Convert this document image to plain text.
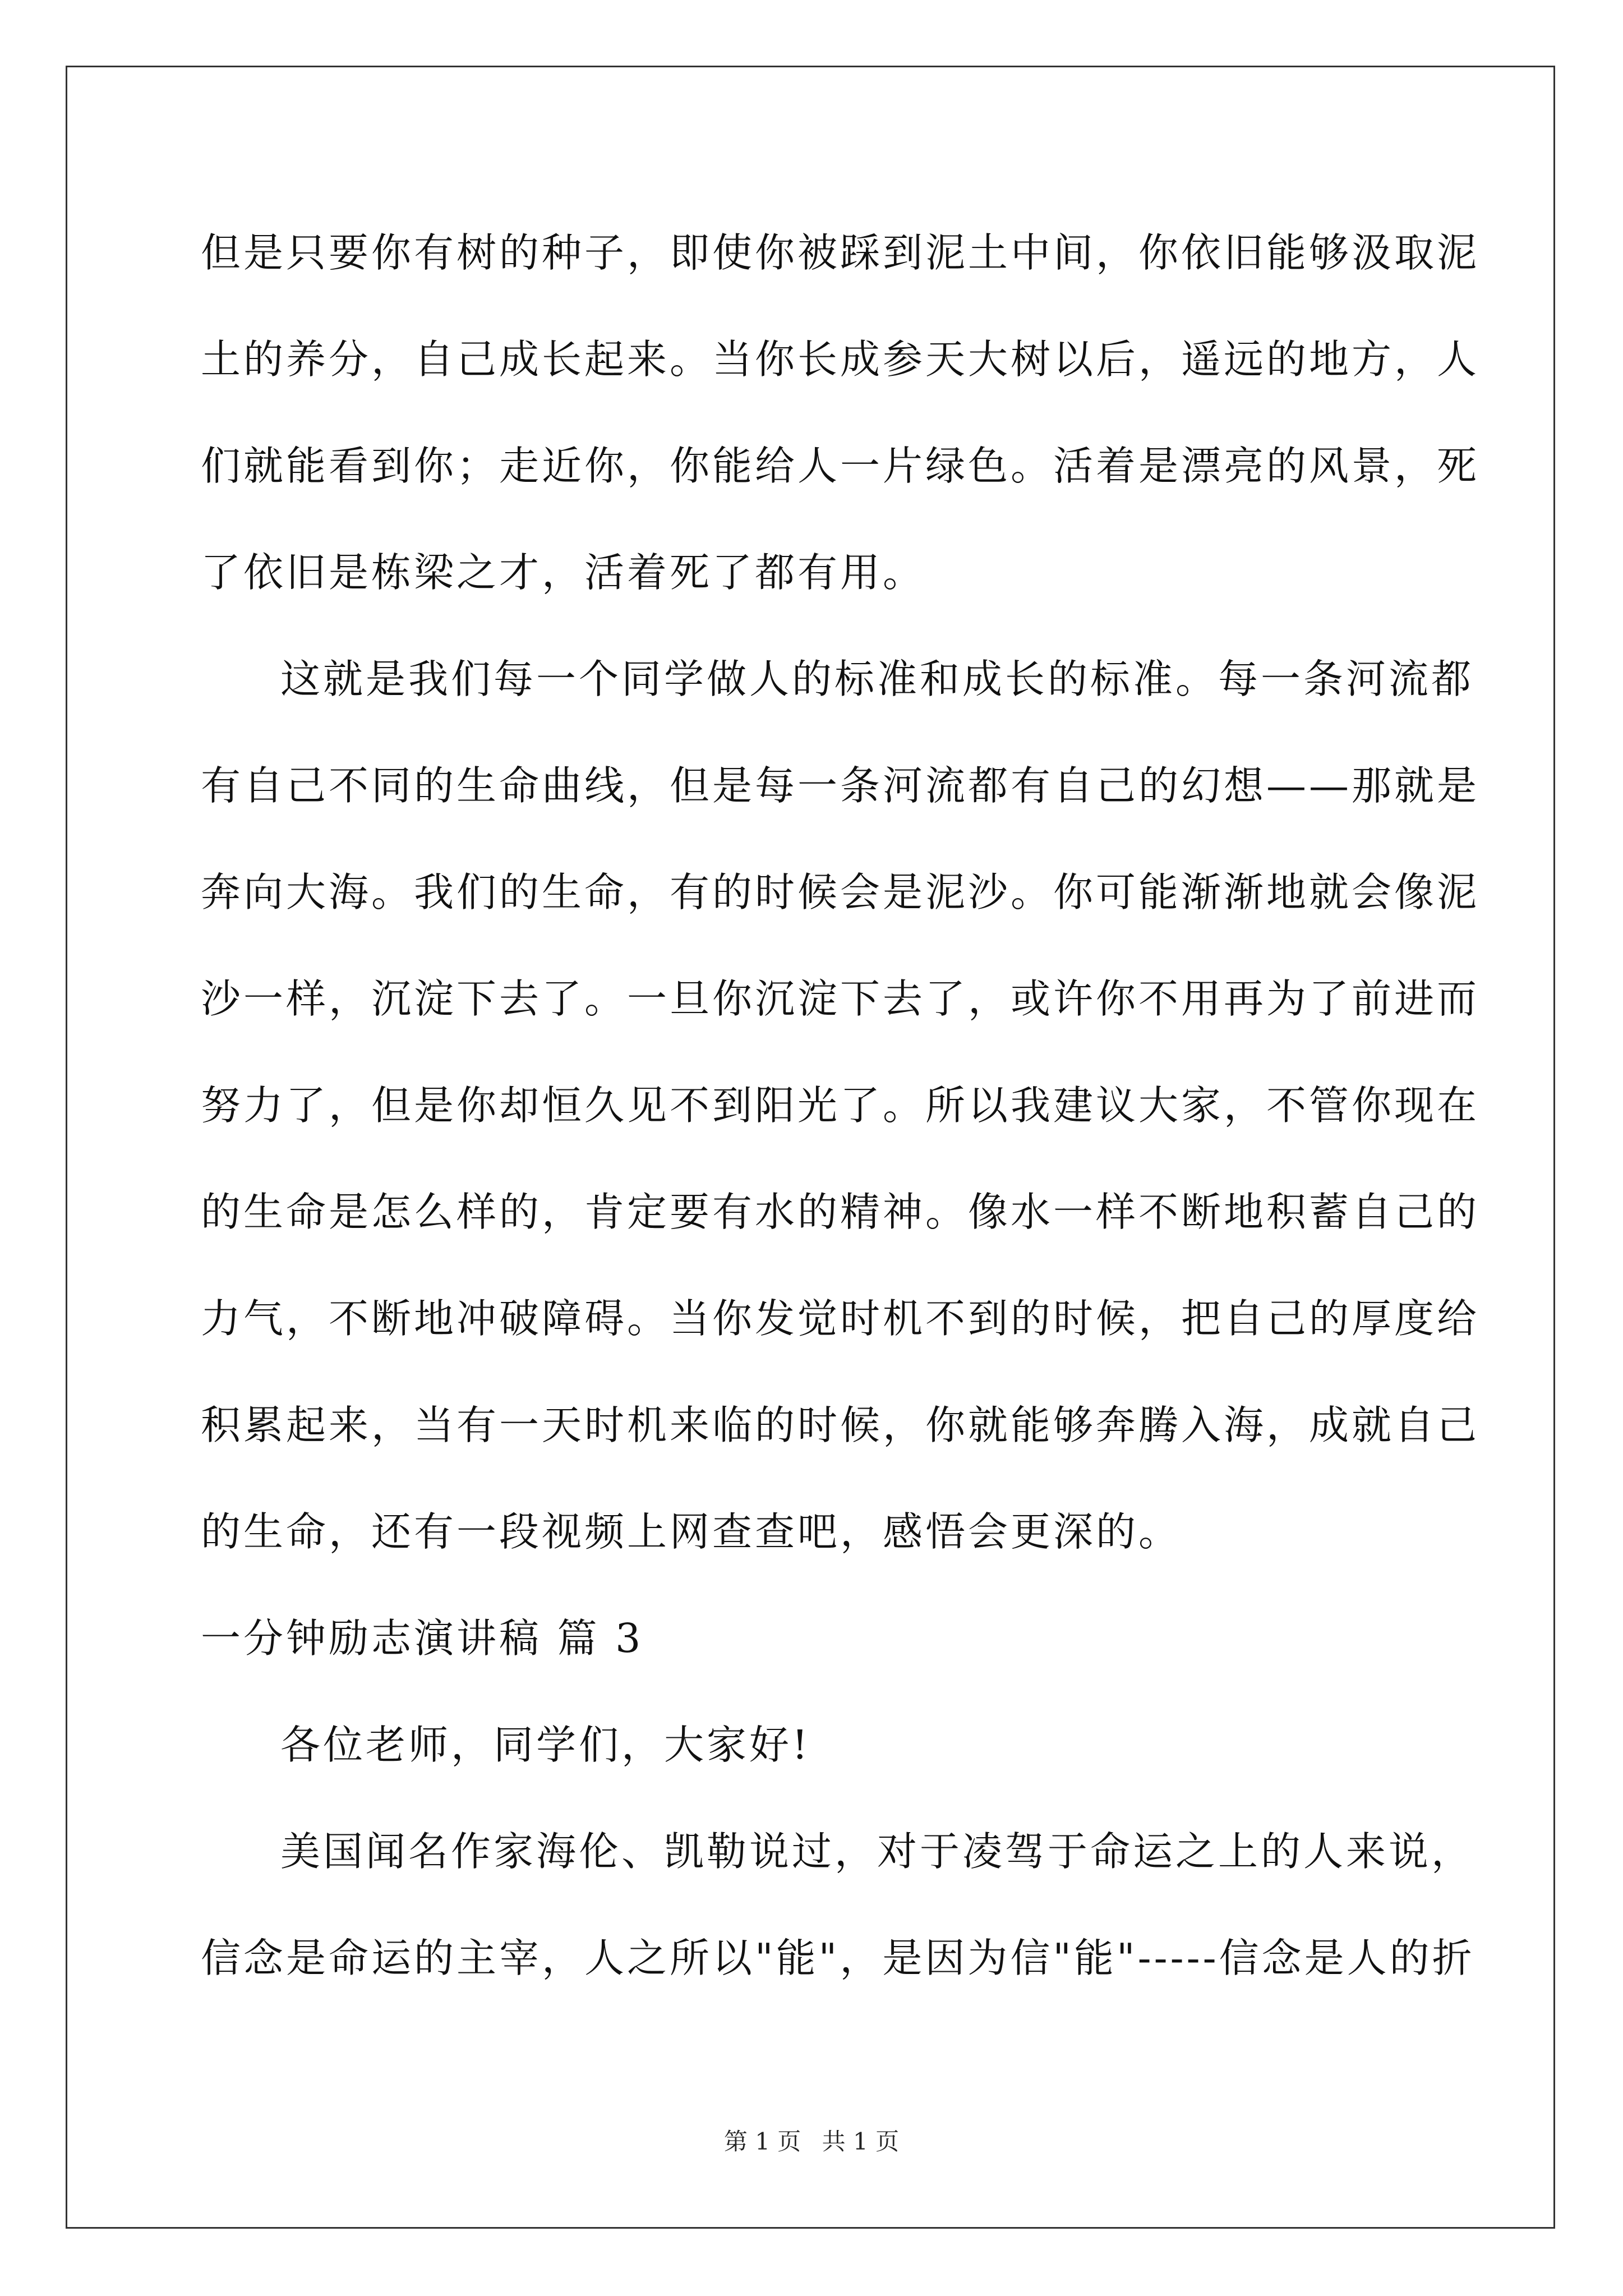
但是只要你有树的种子，即使你被踩到泥土中间，你依旧能够汲取泥
土的养分，自己成长起来。当你长成参天大树以后，遥远的地方，人
们就能看到你；走近你，你能给人一片绿色。活着是漂亮的风景，死
了依旧是栋梁之才，活着死了都有用。
这就是我们每一个同学做人的标准和成长的标准。每一条河流都
有自己不同的生命曲线，但是每一条河流都有自己的幻想——那就是
奔向大海。我们的生命，有的时候会是泥沙。你可能渐渐地就会像泥
沙一样，沉淀下去了。一旦你沉淀下去了，或许你不用再为了前进而
努力了，但是你却恒久见不到阳光了。所以我建议大家，不管你现在
的生命是怎么样的，肯定要有水的精神。像水一样不断地积蓄自己的
力气，不断地冲破障碍。当你发觉时机不到的时候，把自己的厚度给
积累起来，当有一天时机来临的时候，你就能够奔腾入海，成就自己
的生命，还有一段视频上网查查吧，感悟会更深的。
一分钟励志演讲稿 篇 3
各位老师，同学们，大家好!
美国闻名作家海伦、凯勒说过，对于凌驾于命运之上的人来说，
信念是命运的主宰，人之所以"能"，是因为信"能"-----信念是人的折
第 1 页 共 1 页
